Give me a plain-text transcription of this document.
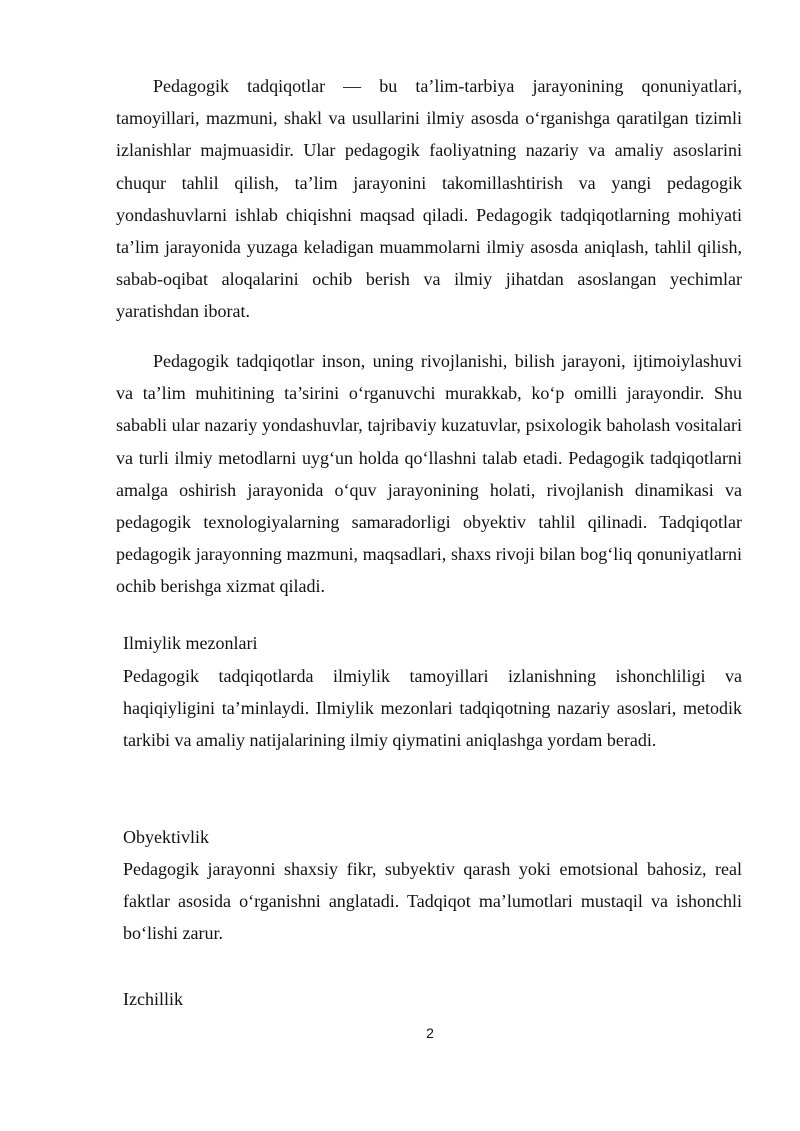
Pedagogik tadqiqotlar — bu ta’lim-tarbiya jarayonining qonuniyatlari, tamoyillari, mazmuni, shakl va usullarini ilmiy asosda o‘rganishga qaratilgan tizimli izlanishlar majmuasidir. Ular pedagogik faoliyatning nazariy va amaliy asoslarini chuqur tahlil qilish, ta’lim jarayonini takomillashtirish va yangi pedagogik yondashuvlarni ishlab chiqishni maqsad qiladi. Pedagogik tadqiqotlarning mohiyati ta’lim jarayonida yuzaga keladigan muammolarni ilmiy asosda aniqlash, tahlil qilish, sabab-oqibat aloqalarini ochib berish va ilmiy jihatdan asoslangan yechimlar yaratishdan iborat.

Pedagogik tadqiqotlar inson, uning rivojlanishi, bilish jarayoni, ijtimoiylashuvi va ta’lim muhitining ta’sirini o‘rganuvchi murakkab, ko‘p omilli jarayondir. Shu sababli ular nazariy yondashuvlar, tajribaviy kuzatuvlar, psixologik baholash vositalari va turli ilmiy metodlarni uyg‘un holda qo‘llashni talab etadi. Pedagogik tadqiqotlarni amalga oshirish jarayonida o‘quv jarayonining holati, rivojlanish dinamikasi va pedagogik texnologiyalarning samaradorligi obyektiv tahlil qilinadi. Tadqiqotlar pedagogik jarayonning mazmuni, maqsadlari, shaxs rivoji bilan bog‘liq qonuniyatlarni ochib berishga xizmat qiladi.

Ilmiylik mezonlari

Pedagogik tadqiqotlarda ilmiylik tamoyillari izlanishning ishonchliligi va haqiqiyligini ta’minlaydi. Ilmiylik mezonlari tadqiqotning nazariy asoslari, metodik tarkibi va amaliy natijalarining ilmiy qiymatini aniqlashga yordam beradi.

Obyektivlik

Pedagogik jarayonni shaxsiy fikr, subyektiv qarash yoki emotsional bahosiz, real faktlar asosida o‘rganishni anglatadi. Tadqiqot ma’lumotlari mustaqil va ishonchli bo‘lishi zarur.

Izchillik
2
